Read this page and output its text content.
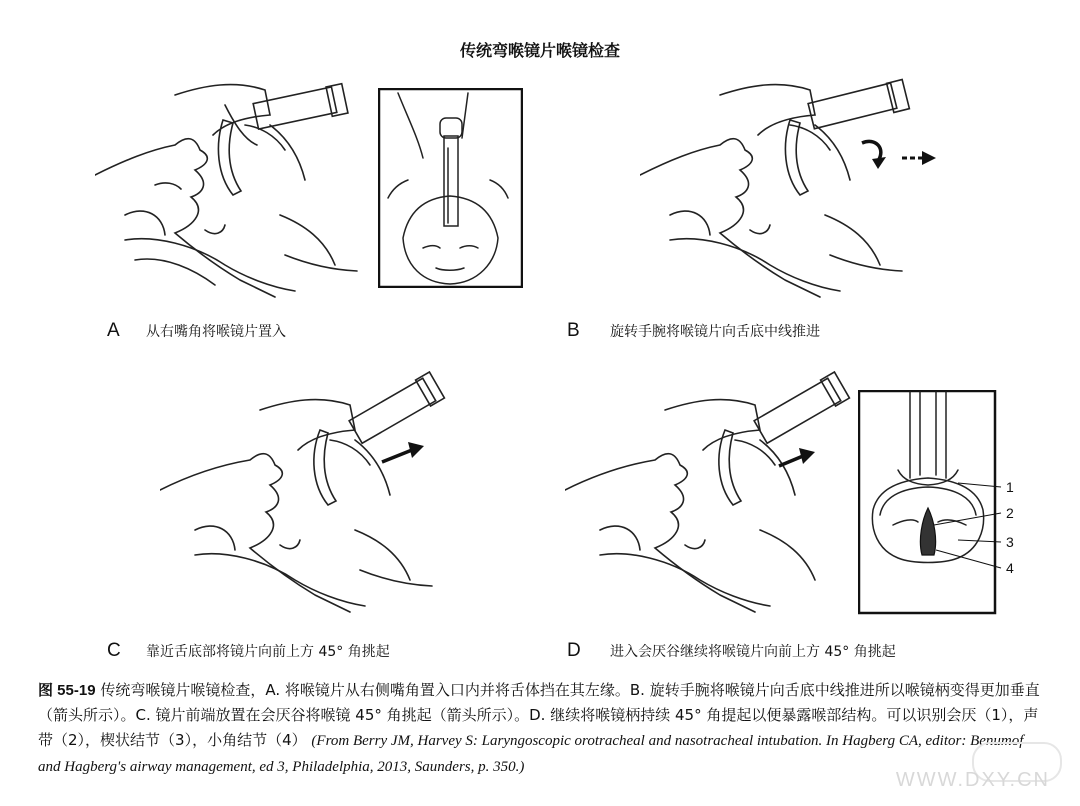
传统弯喉镜片喉镜检查
1
2
3
4
A 从右嘴角将喉镜片置入	B 旋转手腕将喉镜片向舌底中线推进
C 靠近舌底部将镜片向前上方 45° 角挑起	D 进入会厌谷继续将喉镜片向前上方 45° 角挑起
图 55-19 传统弯喉镜片喉镜检查，A. 将喉镜片从右侧嘴角置入口内并将舌体挡在其左缘。B. 旋转手腕将喉镜片向舌底中线推进所以喉镜柄变得更加垂直（箭头所示）。C. 镜片前端放置在会厌谷将喉镜 45° 角挑起（箭头所示）。D. 继续将喉镜柄持续 45° 角提起以便暴露喉部结构。可以识别会厌（1），声带（2），楔状结节（3），小角结节（4） (From Berry JM, Harvey S: Laryngoscopic orotracheal and nasotracheal intubation. In Hagberg CA, editor: Benumof and Hagberg's airway management, ed 3, Philadelphia, 2013, Saunders, p. 350.)
WWW.DXY.CN
